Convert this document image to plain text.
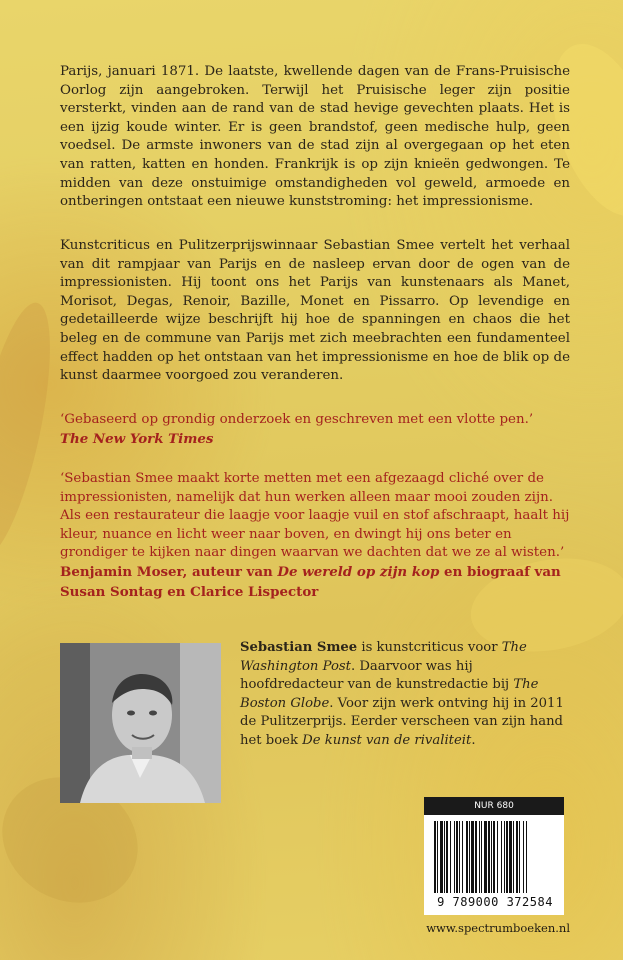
Parijs, januari 1871. De laatste, kwellende dagen van de Frans-Pruisische Oorlog zijn aangebroken. Terwijl het Pruisische leger zijn positie versterkt, vinden aan de rand van de stad hevige gevechten plaats. Het is een ijzig koude winter. Er is geen brandstof, geen medische hulp, geen voedsel. De armste inwoners van de stad zijn al overgegaan op het eten van ratten, katten en honden. Frankrijk is op zijn knieën gedwongen. Te midden van deze onstuimige omstandigheden vol geweld, armoede en ontberingen ontstaat een nieuwe kunststroming: het impressionisme.

Kunstcriticus en Pulitzerprijswinnaar Sebastian Smee vertelt het verhaal van dit rampjaar van Parijs en de nasleep ervan door de ogen van de impressionisten. Hij toont ons het Parijs van kunstenaars als Manet, Morisot, Degas, Renoir, Bazille, Monet en Pissarro. Op levendige en gedetailleerde wijze beschrijft hij hoe de spanningen en chaos die het beleg en de commune van Parijs met zich meebrachten een fundamenteel effect hadden op het ontstaan van het impressionisme en hoe de blik op de kunst daarmee voorgoed zou veranderen.

‘Gebaseerd op grondig onderzoek en geschreven met een vlotte pen.’
The New York Times
‘Sebastian Smee maakt korte metten met een afgezaagd cliché over de impressionisten, namelijk dat hun werken alleen maar mooi zouden zijn. Als een restaurateur die laagje voor laagje vuil en stof afschraapt, haalt hij kleur, nuance en licht weer naar boven, en dwingt hij ons beter en grondiger te kijken naar dingen waarvan we dachten dat we ze al wisten.’ Benjamin Moser, auteur van De wereld op zijn kop en biograaf van Susan Sontag en Clarice Lispector
Sebastian Smee is kunstcriticus voor The Washington Post. Daarvoor was hij hoofdredacteur van de kunstredactie bij The Boston Globe. Voor zijn werk ontving hij in 2011 de Pulitzerprijs. Eerder verscheen van zijn hand het boek De kunst van de rivaliteit.
NUR 680
9 789000 372584
www.spectrumboeken.nl
